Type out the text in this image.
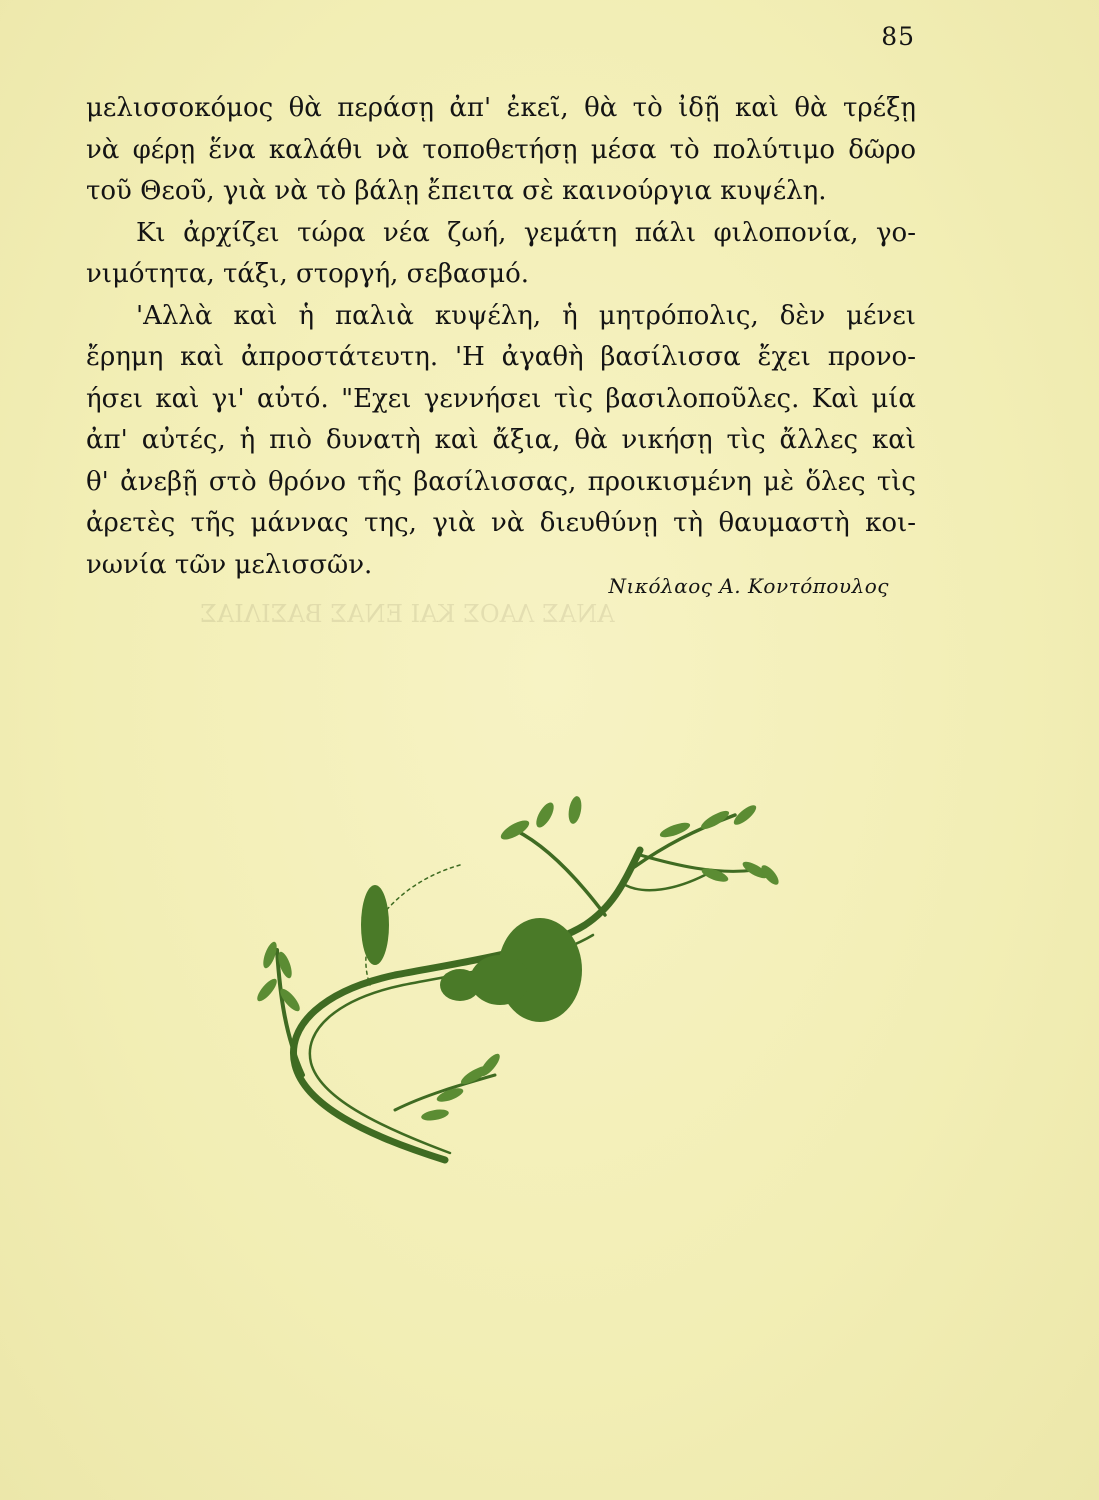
85

μελισσοκόμος θὰ περάσῃ ἀπ' ἐκεῖ, θὰ τὸ ἰδῇ καὶ θὰ τρέξῃ
νὰ φέρῃ ἕνα καλάθι νὰ τοποθετήσῃ μέσα τὸ πολύτιμο δῶρο
τοῦ Θεοῦ, γιὰ νὰ τὸ βάλῃ ἔπειτα σὲ καινούργια κυψέλη.

Κι ἀρχίζει τώρα νέα ζωή, γεμάτη πάλι φιλοπονία, γο-
νιμότητα, τάξι, στοργή, σεβασμό.

'Αλλὰ καὶ ἡ παλιὰ κυψέλη, ἡ μητρόπολις, δὲν μένει
ἔρημη καὶ ἀπροστάτευτη. 'Η ἀγαθὴ βασίλισσα ἔχει προνο-
ήσει καὶ γι' αὐτό. "Εχει γεννήσει τὶς βασιλοποῦλες. Καὶ μία
ἀπ' αὐτές, ἡ πιὸ δυνατὴ καὶ ἄξια, θὰ νικήσῃ τὶς ἄλλες καὶ
θ' ἀνεβῇ στὸ θρόνο τῆς βασίλισσας, προικισμένη μὲ ὅλες τὶς
ἀρετὲς τῆς μάννας της, γιὰ νὰ διευθύνῃ τὴ θαυμαστὴ κοι-
νωνία τῶν μελισσῶν.

Νικόλαος Α. Κοντόπουλος
ΑΝΑΣ ΛΑΟΣ ΚΑΙ ΕΝΑΣ ΒΑΣΙΛΙΑΣ
